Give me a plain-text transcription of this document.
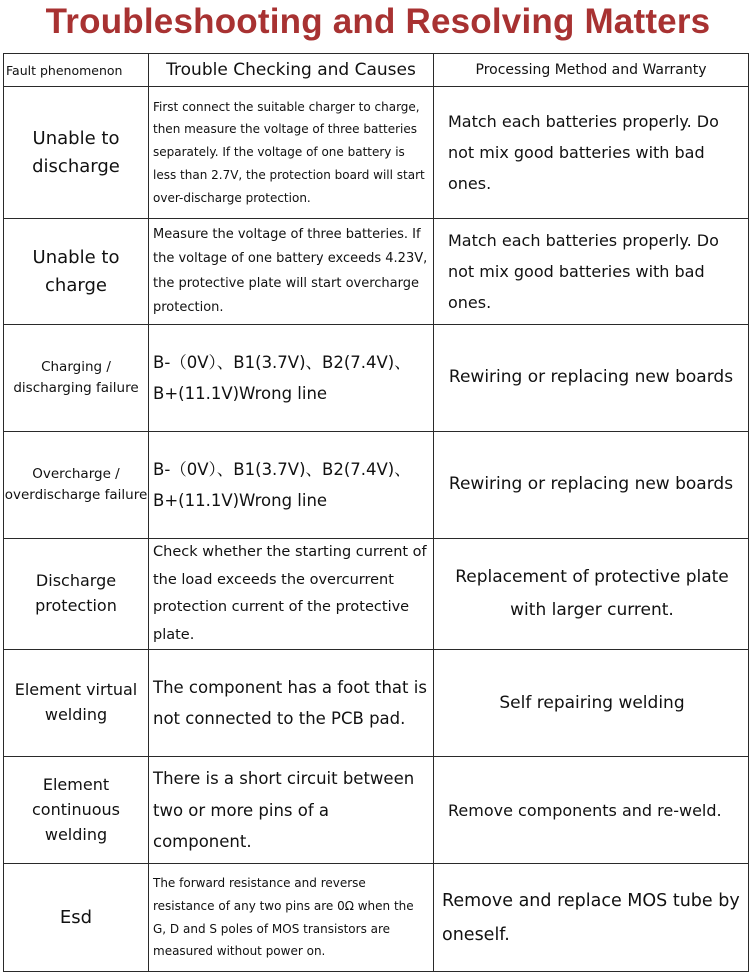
Troubleshooting and Resolving Matters
Fault phenomenon	Trouble Checking and Causes	Processing Method and Warranty
Unable to discharge	First connect the suitable charger to charge, then measure the voltage of three batteries separately. If the voltage of one battery is less than 2.7V, the protection board will start over-discharge protection.	Match each batteries properly. Do not mix good batteries with bad ones.
Unable to charge	Measure the voltage of three batteries. If the voltage of one battery exceeds 4.23V, the protective plate will start overcharge protection.	Match each batteries properly. Do not mix good batteries with bad ones.
Charging / discharging failure	B-（0V）、B1(3.7V)、B2(7.4V)、B+(11.1V)Wrong line	Rewiring or replacing new boards
Overcharge / overdischarge failure	B-（0V）、B1(3.7V)、B2(7.4V)、B+(11.1V)Wrong line	Rewiring or replacing new boards
Discharge protection	Check whether the starting current of the load exceeds the overcurrent protection current of the protective plate.	Replacement of protective plate with larger current.
Element virtual welding	The component has a foot that is not connected to the PCB pad.	Self repairing welding
Element continuous welding	There is a short circuit between two or more pins of a component.	Remove components and re-weld.
Esd	The forward resistance and reverse resistance of any two pins are 0Ω when the G, D and S poles of MOS transistors are measured without power on.	Remove and replace MOS tube by oneself.
